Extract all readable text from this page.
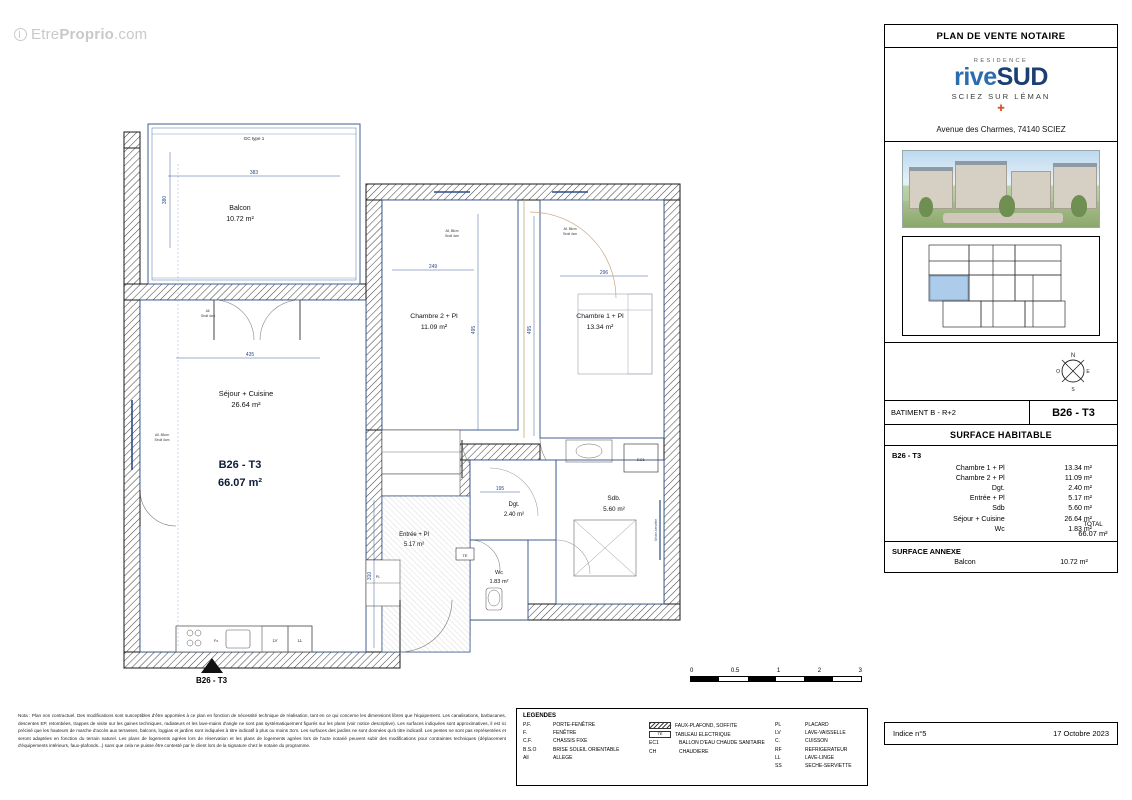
EtreProprio.com
GC type 1
383
380
Balcon
10.72 m²
Séjour + Cuisine
26.64 m²
B26 - T3
66.07 m²
Fx	LV	LL
All. 85cm
Seuil 4cm
Chambre 2 + Pl
11.09 m²
249
495
All. 85cm
Seuil 4cm
Chambre 1 + Pl
13.34 m²
296
495
All. 85cm
Seuil 4cm
Sdb.
5.60 m²
EC1
Sèche-serviette
Wc
1.83 m²
Dgt.
2.40 m²
Entrée + Pl
5.17 m²
PL
310
TE
435
195
All.
Seuil 4cm
B26 - T3
0	0.5	1	2	3
PLAN DE VENTE NOTAIRE
RESIDENCE
riveSUD
SCIEZ SUR LÉMAN
✚
Avenue des Charmes, 74140 SCIEZ
N
E
S
O
BATIMENT B - R+2	B26 - T3
SURFACE HABITABLE
B26 - T3
Chambre 1 + Pl	13.34 m²
Chambre 2 + Pl	11.09 m²
Dgt.	2.40 m²
Entrée + Pl	5.17 m²
Sdb	5.60 m²
Séjour + Cuisine	26.64 m²
Wc	1.83 m²
TOTAL
66.07 m²
SURFACE ANNEXE
Balcon	10.72 m²
Indice n°5	17 Octobre 2023
LEGENDES
P.F.	PORTE-FENÊTRE
F.	FENÊTRE
C.F.	CHASSIS FIXE
B.S.O	BRISE SOLEIL ORIENTABLE
All	ALLEGE
FAUX-PLAFOND, SOFFITE
TE	TABLEAU ELECTRIQUE
EC1	BALLON D'EAU CHAUDE SANITAIRE
CH	CHAUDIERE
PL	PLACARD
LV	LAVE-VAISSELLE
C.	CUISSON
RF	REFRIGERATEUR
LL	LAVE-LINGE
SS	SECHE-SERVIETTE
Nota : Plan non contractuel. Des modifications sont susceptibles d'être apportées à ce plan en fonction de nécessité technique de réalisation, tant en ce qui concerne les dimensions libres que l'équipement. Les canalisations, barbacanes, descentes EP, retombées, trappes de visite sur les gaines techniques, radiateurs et les lave-mains d'angle ne sont pas systématiquement figurés sur les plans (voir notice descriptive). Les surfaces indiquées sont approximatives, il est ici précisé que les hauteurs de marche d'accès aux terrasses, balcons, loggias et jardins sont indiquées à titre indicatif à plus ou moins 3cm. Les surfaces des jardins ne sont données qu'à titre indicatif. Les pentes ne sont pas représentées et seront adaptées en fonction du terrain naturel. Les plans de logements agrées lors de réservation et les plans de logements agrées lors de l'acte notarié peuvent subir des modifications pour contraintes techniques (déplacement d'équipements intérieurs, faux-plafonds...) sans que cela ne puisse être contesté par le client lors de la signature chez le notaire du programme.
